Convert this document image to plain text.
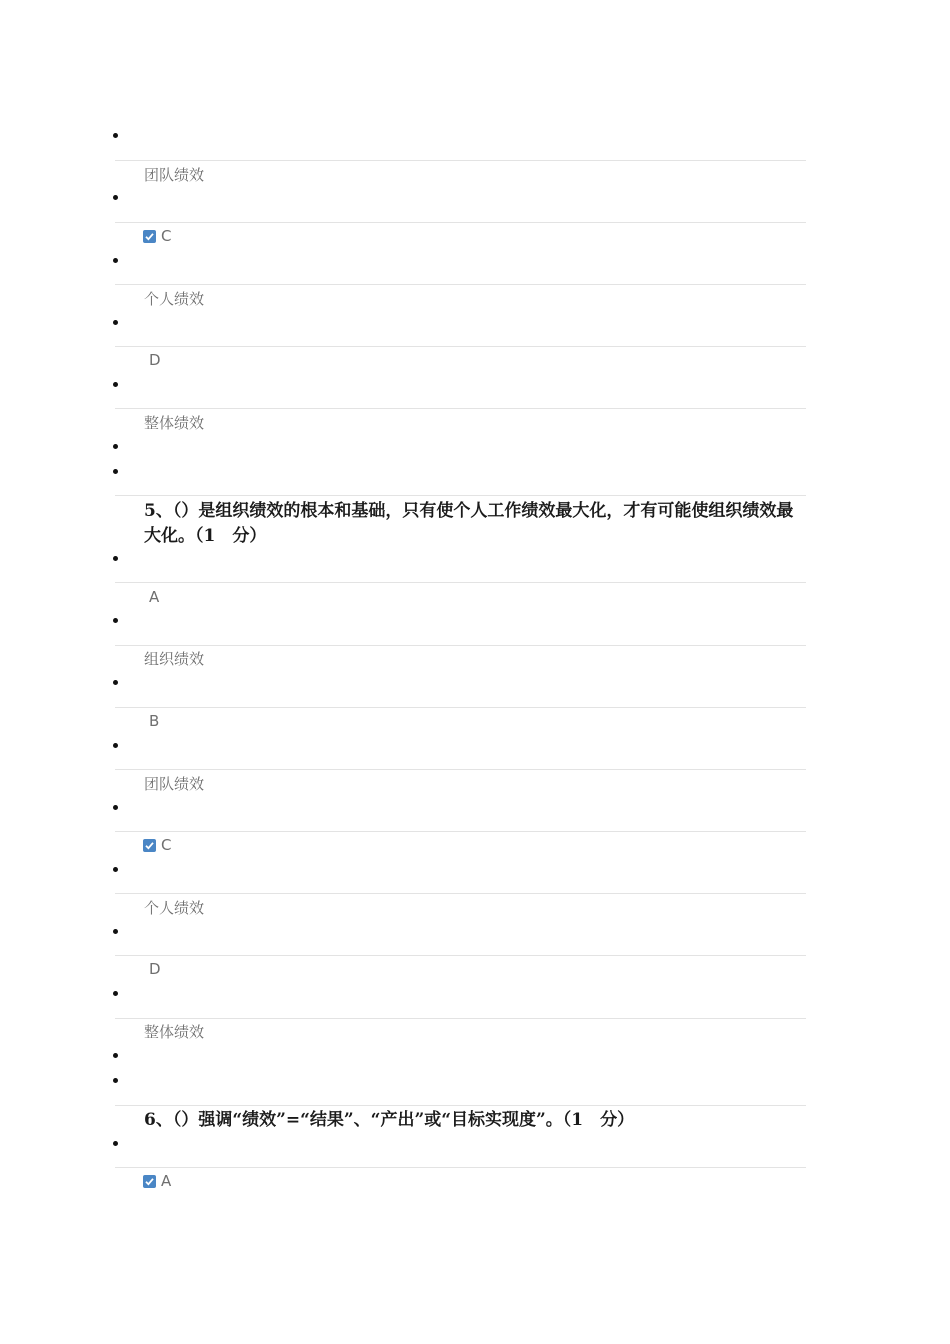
团队绩效
C
个人绩效
D
整体绩效
5、（）是组织绩效的根本和基础，只有使个人工作绩效最大化，才有可能使组织绩效最大化。（1　分）
A
组织绩效
B
团队绩效
C
个人绩效
D
整体绩效
6、（）强调“绩效”=“结果”、“产出”或“目标实现度”。（1　分）
A
